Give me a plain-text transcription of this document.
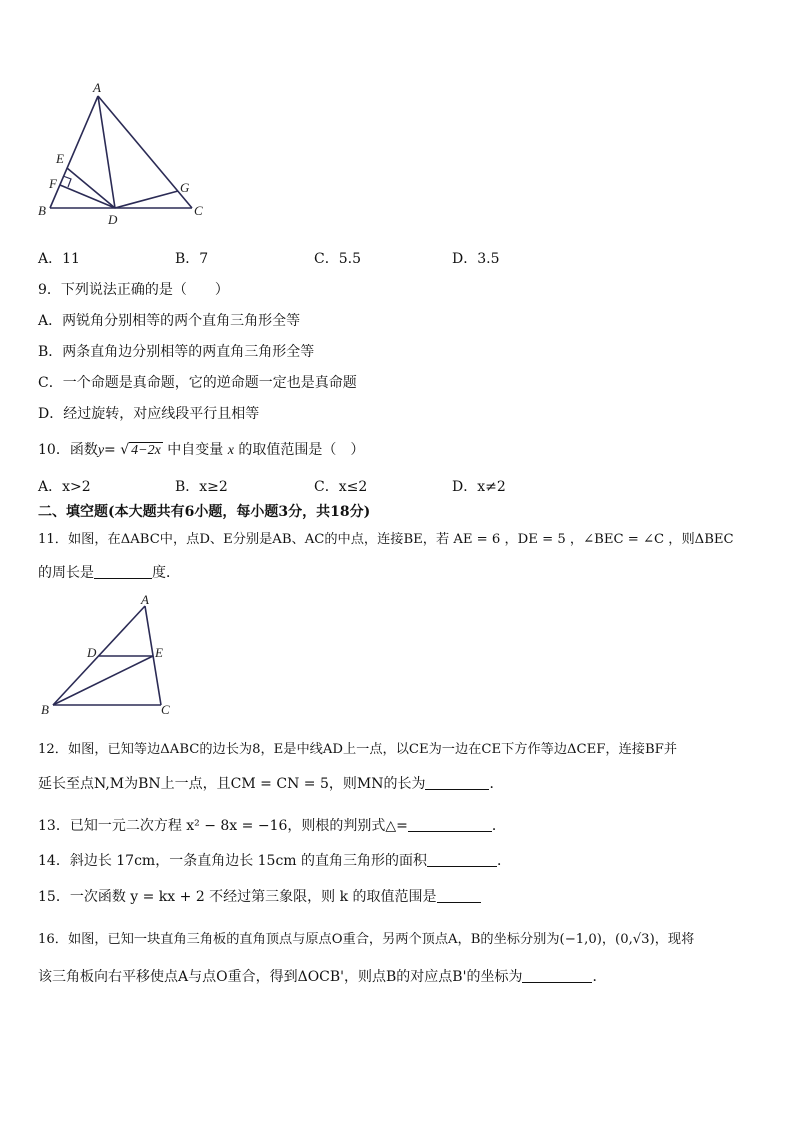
A
B	C
D
E
F	G
A．11	B．7	C．5.5	D．3.5
9．下列说法正确的是（　　）
A．两锐角分别相等的两个直角三角形全等
B．两条直角边分别相等的两直角三角形全等
C．一个命题是真命题，它的逆命题一定也是真命题
D．经过旋转，对应线段平行且相等
10．函数y= √ 4−2x 中自变量 x 的取值范围是（　）
A．x>2	B．x≥2	C．x≤2	D．x≠2
二、填空题(本大题共有6小题，每小题3分，共18分)
11．如图，在ΔABC中，点D、E分别是AB、AC的中点，连接BE，若 AE = 6 ，DE = 5 ，∠BEC = ∠C ，则ΔBEC
的周长是	度．
A
B	C
D	E
12．如图，已知等边ΔABC的边长为8，E是中线AD上一点，以CE为一边在CE下方作等边ΔCEF，连接BF并
延长至点N,M为BN上一点，且CM = CN = 5，则MN的长为	．
13．已知一元二次方程 x² − 8x = −16，则根的判别式△=	．
14．斜边长 17cm，一条直角边长 15cm 的直角三角形的面积	．
15．一次函数 y = kx + 2 不经过第三象限，则 k 的取值范围是
16．如图，已知一块直角三角板的直角顶点与原点O重合，另两个顶点A，B的坐标分别为(−1,0)，(0,√3)，现将
该三角板向右平移使点A与点O重合，得到ΔOCB'，则点B的对应点B'的坐标为	．
